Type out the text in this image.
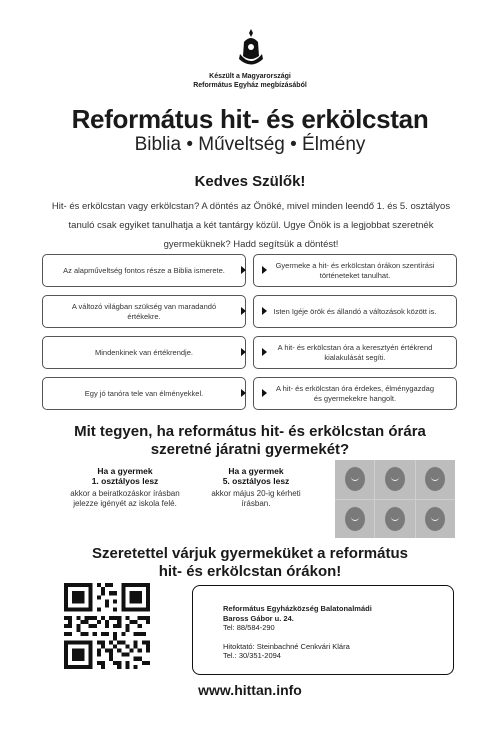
Készült a Magyarországi
Református Egyház megbízásából
Református hit- és erkölcstan
Biblia • Műveltség • Élmény
Kedves Szülők!
Hit- és erkölcstan vagy erkölcstan? A döntés az Önöké, mivel minden leendő 1. és 5. osztályos tanuló csak egyiket tanulhatja a két tantárgy közül. Ugye Önök is a legjobbat szeretnék gyermeküknek? Hadd segítsük a döntést!
Az alapműveltség fontos része a Biblia ismerete.
Gyermeke a hit- és erkölcstan órákon szentírási történeteket tanulhat.
A változó világban szükség van maradandó értékekre.
Isten Igéje örök és állandó a változások között is.
Mindenkinek van értékrendje.
A hit- és erkölcstan óra a keresztyén értékrend kialakulását segíti.
Egy jó tanóra tele van élményekkel.
A hit- és erkölcstan óra érdekes, élménygazdag és gyermekekre hangolt.
Mit tegyen, ha református hit- és erkölcstan órára
szeretné járatni gyermekét?
Ha a gyermek
1. osztályos lesz
akkor a beiratkozáskor írásban
jelezze igényét az iskola felé.
Ha a gyermek
5. osztályos lesz
akkor május 20-ig kérheti
írásban.
Szeretettel várjuk gyermeküket a református
hit- és erkölcstan órákon!
Református Egyházközség Balatonalmádi
Baross Gábor u. 24.
Tel: 88/584-290
Hitoktató: Steinbachné Cenkvári Klára
Tel.: 30/351-2094
www.hittan.info
